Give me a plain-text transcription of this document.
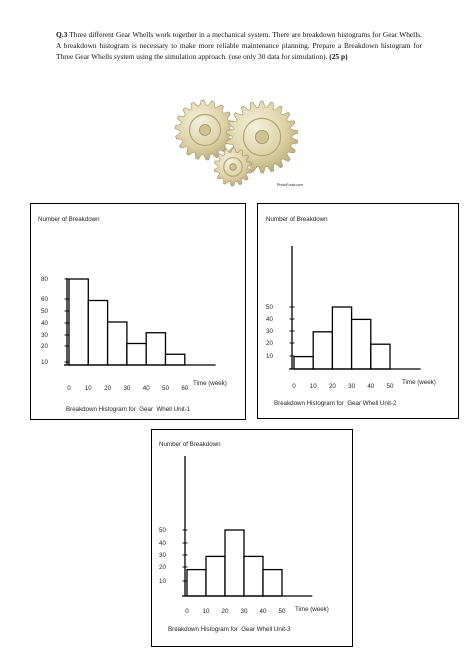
Q.3 Three different Gear Whells work together in a mechanical system. There are breakdown histograms for Gear Whells. A breakdown histogram is necessary to make more reliable maintenance planning. Prepare a Breakdown histogram for Three Gear Whells system using the simulation approach. (use only 30 data for simulation). (25 p)
PhotoFunia.com
Number of Breakdown
80
60
50
40
30
20
10
0 10 20 30 40 50 60
Time (week)
Breakdown Histogram for  Gear  Whell Unit-1
Number of Breakdown
50
40
30
20
10
0 10 20 30 40 50
Time (week)
Breakdown Histogram for  Gear Whell Unit-2
Number of Breakdown
50
40
30
20
10
0 10 20 30 40 50 Time (week)
Breakdown Histogram for  Gear Whell Unit-3
